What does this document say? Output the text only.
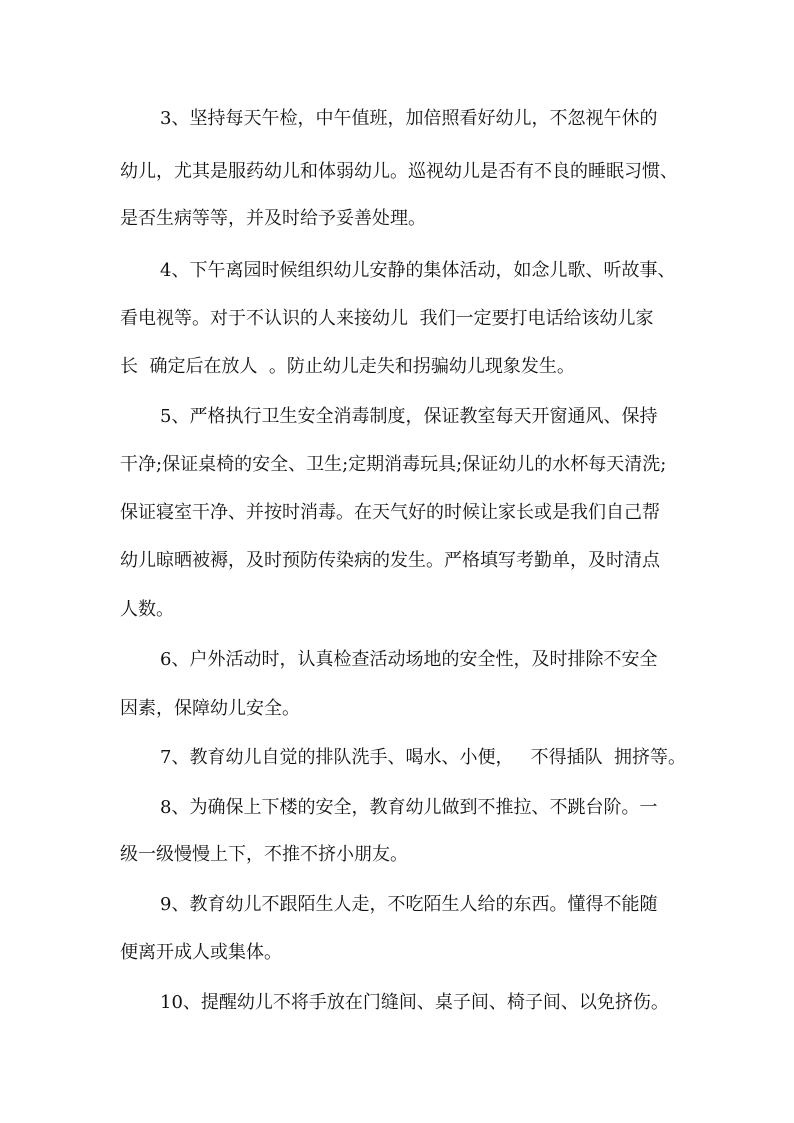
3、坚持每天午检，中午值班，加倍照看好幼儿，不忽视午休的
幼儿，尤其是服药幼儿和体弱幼儿。巡视幼儿是否有不良的睡眠习惯、
是否生病等等，并及时给予妥善处理。
4、下午离园时候组织幼儿安静的集体活动，如念儿歌、听故事、
看电视等。对于不认识的人来接幼儿  我们一定要打电话给该幼儿家
长  确定后在放人  。防止幼儿走失和拐骗幼儿现象发生。
5、严格执行卫生安全消毒制度，保证教室每天开窗通风、保持
干净;保证桌椅的安全、卫生;定期消毒玩具;保证幼儿的水杯每天清洗;
保证寝室干净、并按时消毒。在天气好的时候让家长或是我们自己帮
幼儿晾晒被褥，及时预防传染病的发生。严格填写考勤单，及时清点
人数。
6、户外活动时，认真检查活动场地的安全性，及时排除不安全
因素，保障幼儿安全。
7、教育幼儿自觉的排队洗手、喝水、小便，   不得插队  拥挤等。
8、为确保上下楼的安全，教育幼儿做到不推拉、不跳台阶。一
级一级慢慢上下，不推不挤小朋友。
9、教育幼儿不跟陌生人走，不吃陌生人给的东西。懂得不能随
便离开成人或集体。
10、提醒幼儿不将手放在门缝间、桌子间、椅子间、以免挤伤。
